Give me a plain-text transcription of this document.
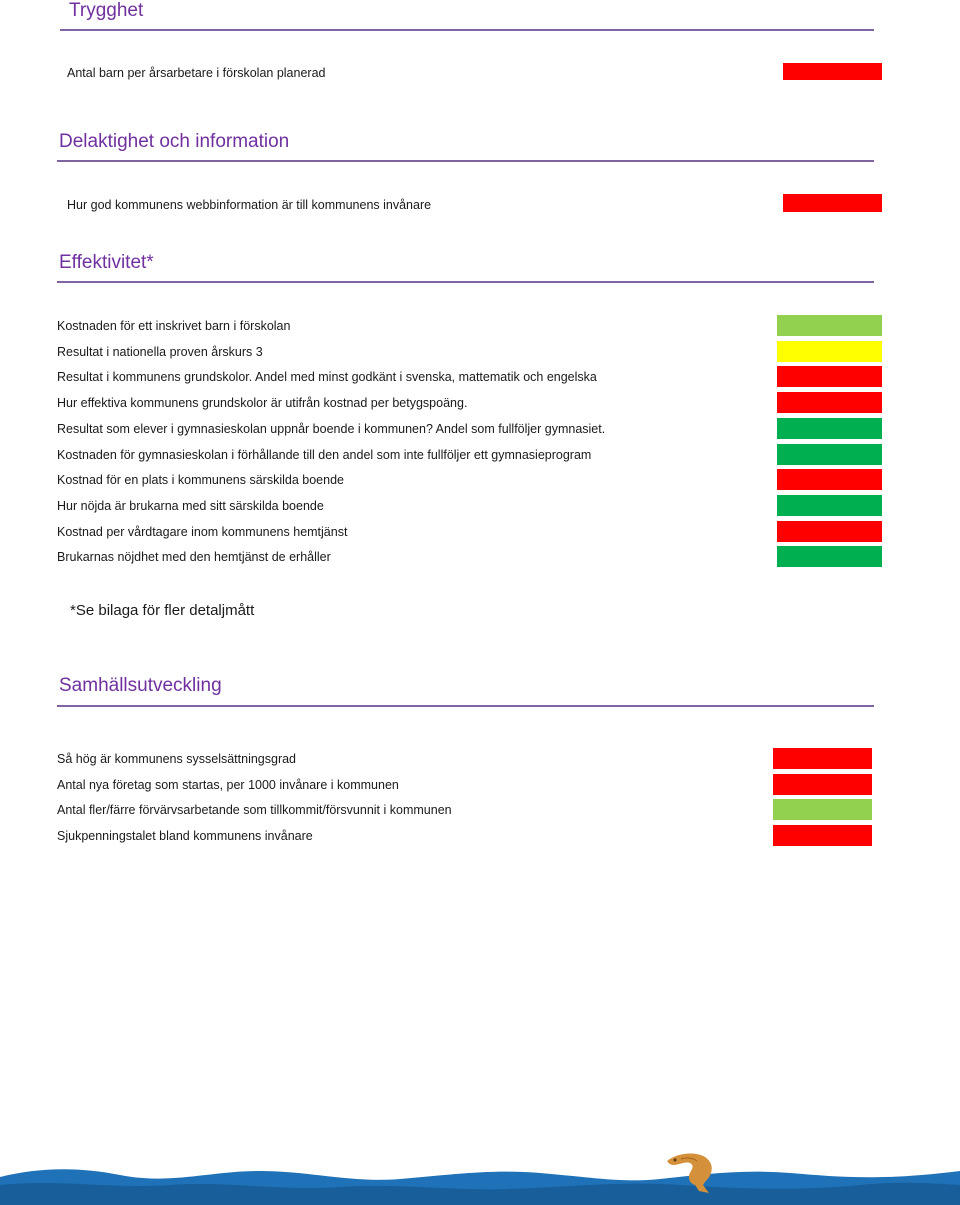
Trygghet
Antal barn per årsarbetare i förskolan planerad
Delaktighet och information
Hur god kommunens webbinformation är till kommunens invånare
Effektivitet*
Kostnaden för ett inskrivet barn i förskolan
Resultat i nationella proven årskurs 3
Resultat i kommunens grundskolor. Andel med minst godkänt i svenska, mattematik och engelska
Hur effektiva kommunens grundskolor är utifrån kostnad per betygspoäng.
Resultat som elever i gymnasieskolan uppnår boende i kommunen? Andel som fullföljer gymnasiet.
Kostnaden för gymnasieskolan i förhållande till den andel som inte fullföljer ett gymnasieprogram
Kostnad för en plats i kommunens särskilda boende
Hur nöjda är brukarna med sitt särskilda boende
Kostnad per vårdtagare inom kommunens hemtjänst
Brukarnas nöjdhet med den hemtjänst de erhåller
*Se bilaga för fler detaljmått
Samhällsutveckling
Så hög är kommunens sysselsättningsgrad
Antal nya företag som startas, per 1000 invånare i kommunen
Antal fler/färre förvärvsarbetande som tillkommit/försvunnit i kommunen
Sjukpenningstalet bland kommunens invånare
